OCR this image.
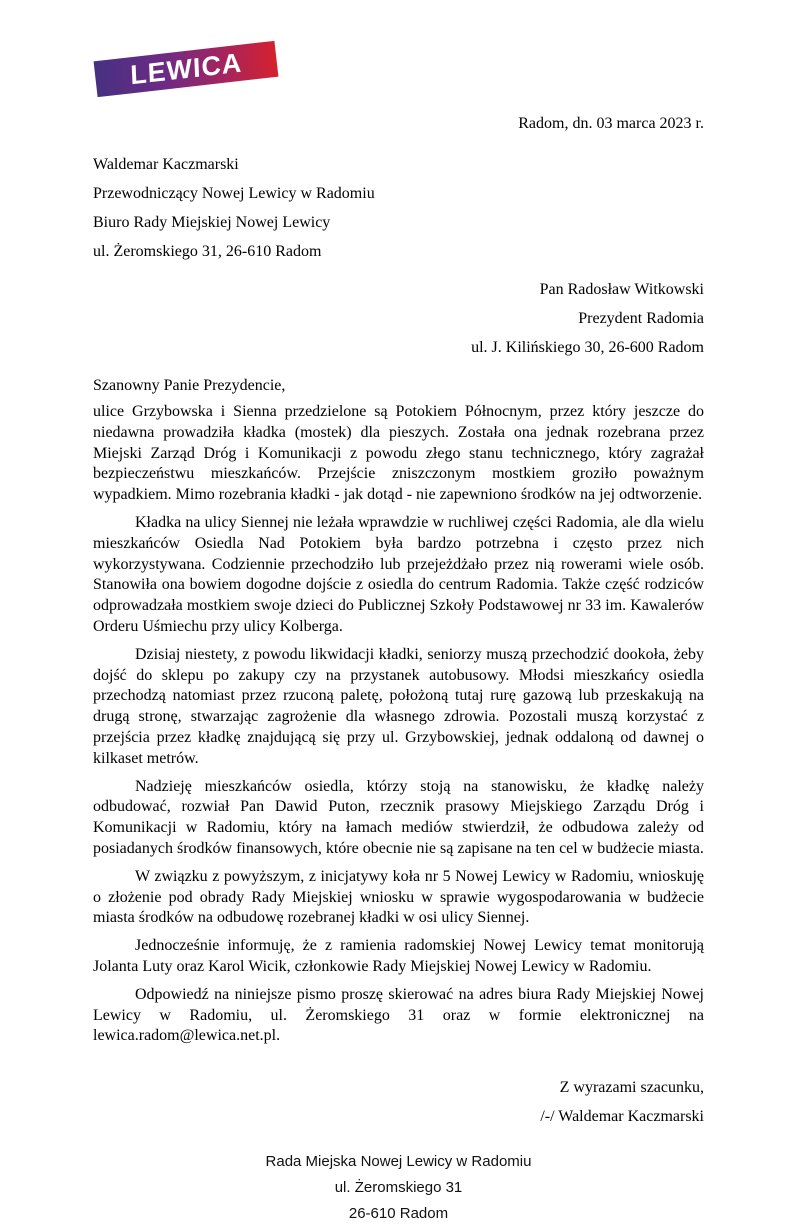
LEWICA
Radom, dn. 03 marca 2023 r.
Waldemar Kaczmarski
Przewodniczący Nowej Lewicy w Radomiu
Biuro Rady Miejskiej Nowej Lewicy
ul. Żeromskiego 31, 26-610 Radom
Pan Radosław Witkowski
Prezydent Radomia
ul. J. Kilińskiego 30, 26-600 Radom
Szanowny Panie Prezydencie,

ulice Grzybowska i Sienna przedzielone są Potokiem Północnym, przez który jeszcze do niedawna prowadziła kładka (mostek) dla pieszych. Została ona jednak rozebrana przez Miejski Zarząd Dróg i Komunikacji z powodu złego stanu technicznego, który zagrażał bezpieczeństwu mieszkańców. Przejście zniszczonym mostkiem groziło poważnym wypadkiem. Mimo rozebrania kładki - jak dotąd - nie zapewniono środków na jej odtworzenie.

Kładka na ulicy Siennej nie leżała wprawdzie w ruchliwej części Radomia, ale dla wielu mieszkańców Osiedla Nad Potokiem była bardzo potrzebna i często przez nich wykorzystywana. Codziennie przechodziło lub przejeżdżało przez nią rowerami wiele osób. Stanowiła ona bowiem dogodne dojście z osiedla do centrum Radomia. Także część rodziców odprowadzała mostkiem swoje dzieci do Publicznej Szkoły Podstawowej nr 33 im. Kawalerów Orderu Uśmiechu przy ulicy Kolberga.

Dzisiaj niestety, z powodu likwidacji kładki, seniorzy muszą przechodzić dookoła, żeby dojść do sklepu po zakupy czy na przystanek autobusowy. Młodsi mieszkańcy osiedla przechodzą natomiast przez rzuconą paletę, położoną tutaj rurę gazową lub przeskakują na drugą stronę, stwarzając zagrożenie dla własnego zdrowia. Pozostali muszą korzystać z przejścia przez kładkę znajdującą się przy ul. Grzybowskiej, jednak oddaloną od dawnej o kilkaset metrów.

Nadzieję mieszkańców osiedla, którzy stoją na stanowisku, że kładkę należy odbudować, rozwiał Pan Dawid Puton, rzecznik prasowy Miejskiego Zarządu Dróg i Komunikacji w Radomiu, który na łamach mediów stwierdził, że odbudowa zależy od posiadanych środków finansowych, które obecnie nie są zapisane na ten cel w budżecie miasta.

W związku z powyższym, z inicjatywy koła nr 5 Nowej Lewicy w Radomiu, wnioskuję o złożenie pod obrady Rady Miejskiej wniosku w sprawie wygospodarowania w budżecie miasta środków na odbudowę rozebranej kładki w osi ulicy Siennej.

Jednocześnie informuję, że z ramienia radomskiej Nowej Lewicy temat monitorują Jolanta Luty oraz Karol Wicik, członkowie Rady Miejskiej Nowej Lewicy w Radomiu.

Odpowiedź na niniejsze pismo proszę skierować na adres biura Rady Miejskiej Nowej Lewicy w Radomiu, ul. Żeromskiego 31 oraz w formie elektronicznej na lewica.radom@lewica.net.pl.

Z wyrazami szacunku,
/-/ Waldemar Kaczmarski
Rada Miejska Nowej Lewicy w Radomiu
ul. Żeromskiego 31
26-610 Radom
